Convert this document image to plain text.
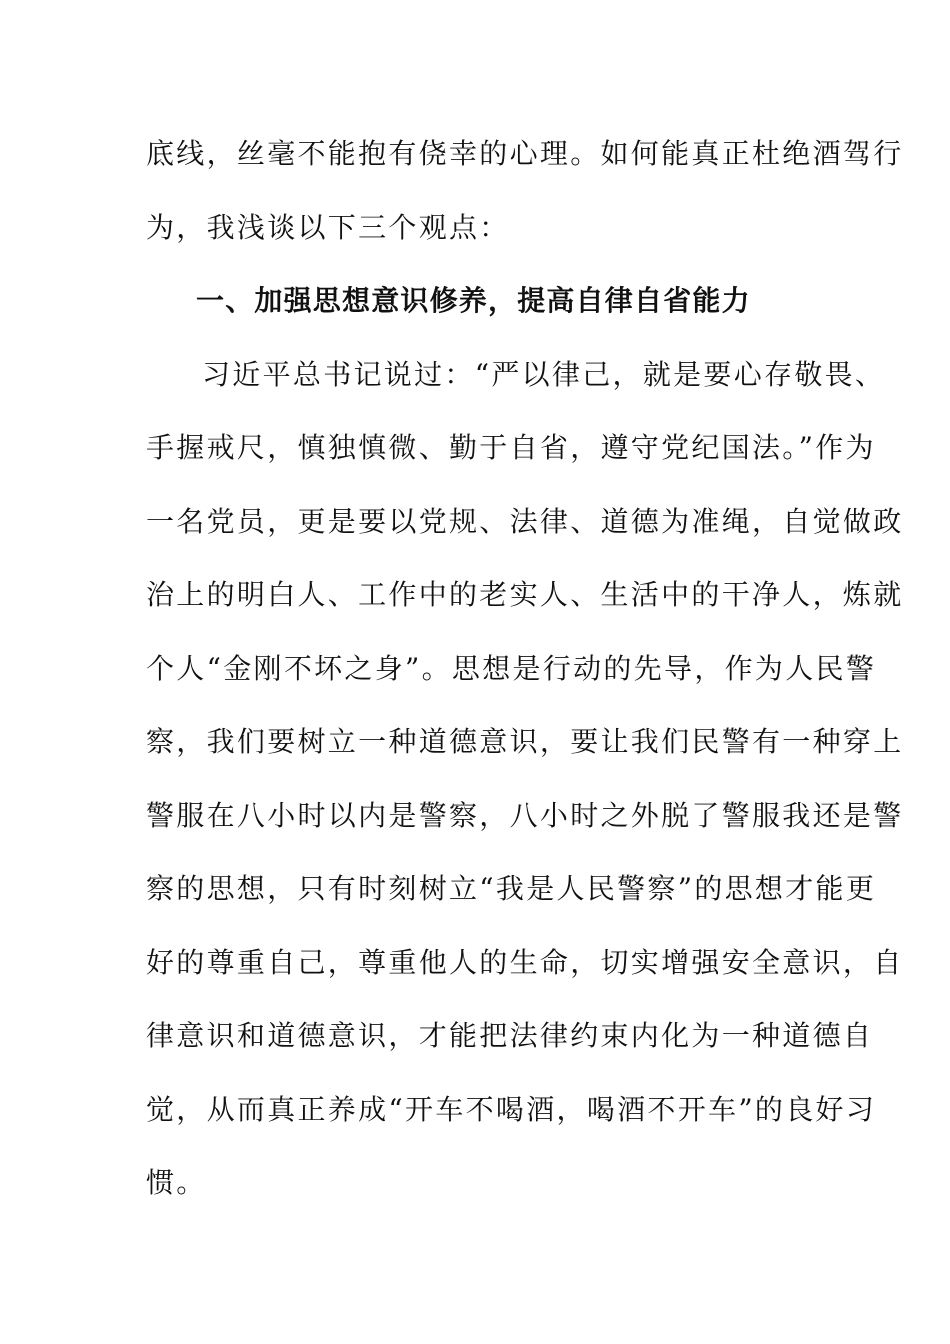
底线，丝毫不能抱有侥幸的心理。如何能真正杜绝酒驾行
为，我浅谈以下三个观点：
一、加强思想意识修养，提高自律自省能力
习近平总书记说过：“严以律己，就是要心存敬畏、
手握戒尺，慎独慎微、勤于自省，遵守党纪国法。”作为
一名党员，更是要以党规、法律、道德为准绳，自觉做政
治上的明白人、工作中的老实人、生活中的干净人，炼就
个人“金刚不坏之身”。思想是行动的先导，作为人民警
察，我们要树立一种道德意识，要让我们民警有一种穿上
警服在八小时以内是警察，八小时之外脱了警服我还是警
察的思想，只有时刻树立“我是人民警察”的思想才能更
好的尊重自己，尊重他人的生命，切实增强安全意识，自
律意识和道德意识，才能把法律约束内化为一种道德自
觉，从而真正养成“开车不喝酒，喝酒不开车”的良好习
惯。
